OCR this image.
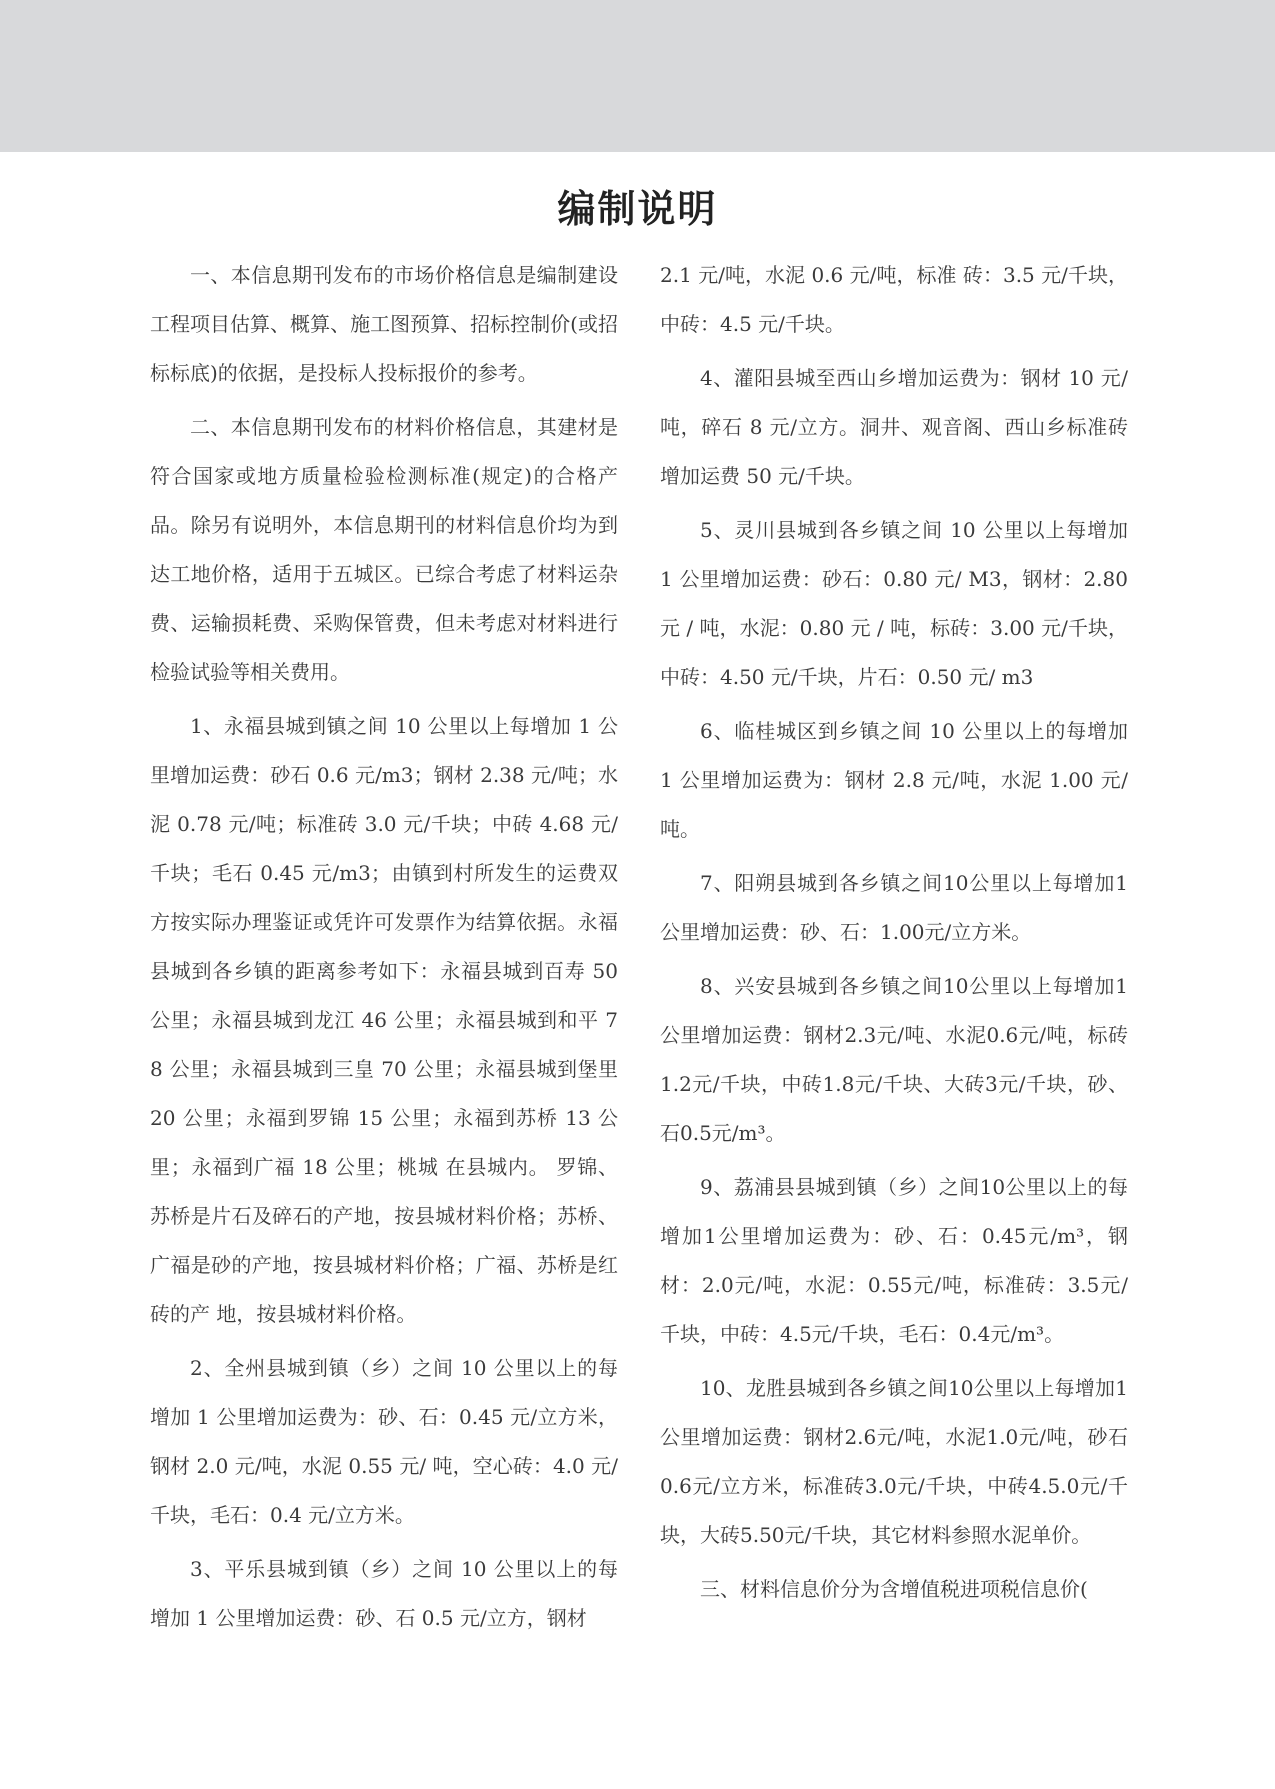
编制说明

一、本信息期刊发布的市场价格信息是编制建设工程项目估算、概算、施工图预算、招标控制价(或招标标底)的依据，是投标人投标报价的参考。

二、本信息期刊发布的材料价格信息，其建材是符合国家或地方质量检验检测标准(规定)的合格产品。除另有说明外，本信息期刊的材料信息价均为到达工地价格，适用于五城区。已综合考虑了材料运杂费、运输损耗费、采购保管费，但未考虑对材料进行检验试验等相关费用。

1、永福县城到镇之间 10 公里以上每增加 1 公里增加运费：砂石 0.6 元/m3；钢材 2.38 元/吨；水泥 0.78 元/吨；标准砖 3.0 元/千块；中砖 4.68 元/千块；毛石 0.45 元/m3；由镇到村所发生的运费双方按实际办理鉴证或凭许可发票作为结算依据。永福县城到各乡镇的距离参考如下：永福县城到百寿 50 公里；永福县城到龙江 46 公里；永福县城到和平 78 公里；永福县城到三皇 70 公里；永福县城到堡里 20 公里；永福到罗锦 15 公里；永福到苏桥 13 公里；永福到广福 18 公里；桃城 在县城内。 罗锦、苏桥是片石及碎石的产地，按县城材料价格；苏桥、广福是砂的产地，按县城材料价格；广福、苏桥是红砖的产 地，按县城材料价格。

2、全州县城到镇（乡）之间 10 公里以上的每增加 1 公里增加运费为：砂、石：0.45 元/立方米，钢材 2.0 元/吨，水泥 0.55 元/ 吨，空心砖：4.0 元/千块，毛石：0.4 元/立方米。

3、平乐县城到镇（乡）之间 10 公里以上的每增加 1 公里增加运费：砂、石 0.5 元/立方，钢材

2.1 元/吨，水泥 0.6 元/吨，标准 砖：3.5 元/千块，中砖：4.5 元/千块。

4、灌阳县城至西山乡增加运费为：钢材 10 元/吨，碎石 8 元/立方。洞井、观音阁、西山乡标准砖增加运费 50 元/千块。

5、灵川县城到各乡镇之间 10 公里以上每增加 1 公里增加运费：砂石：0.80 元/ M3，钢材：2.80 元 / 吨，水泥：0.80 元 / 吨，标砖：3.00 元/千块，中砖：4.50 元/千块，片石：0.50 元/ m3

6、临桂城区到乡镇之间 10 公里以上的每增加 1 公里增加运费为：钢材 2.8 元/吨，水泥 1.00 元/吨。

7、阳朔县城到各乡镇之间10公里以上每增加1公里增加运费：砂、石：1.00元/立方米。

8、兴安县城到各乡镇之间10公里以上每增加1公里增加运费：钢材2.3元/吨、水泥0.6元/吨，标砖1.2元/千块，中砖1.8元/千块、大砖3元/千块，砂、石0.5元/m³。

9、荔浦县县城到镇（乡）之间10公里以上的每增加1公里增加运费为：砂、石：0.45元/m³，钢材：2.0元/吨，水泥：0.55元/吨，标准砖：3.5元/千块，中砖：4.5元/千块，毛石：0.4元/m³。

10、龙胜县城到各乡镇之间10公里以上每增加1公里增加运费：钢材2.6元/吨，水泥1.0元/吨，砂石0.6元/立方米，标准砖3.0元/千块，中砖4.5.0元/千块，大砖5.50元/千块，其它材料参照水泥单价。

三、材料信息价分为含增值税进项税信息价(
